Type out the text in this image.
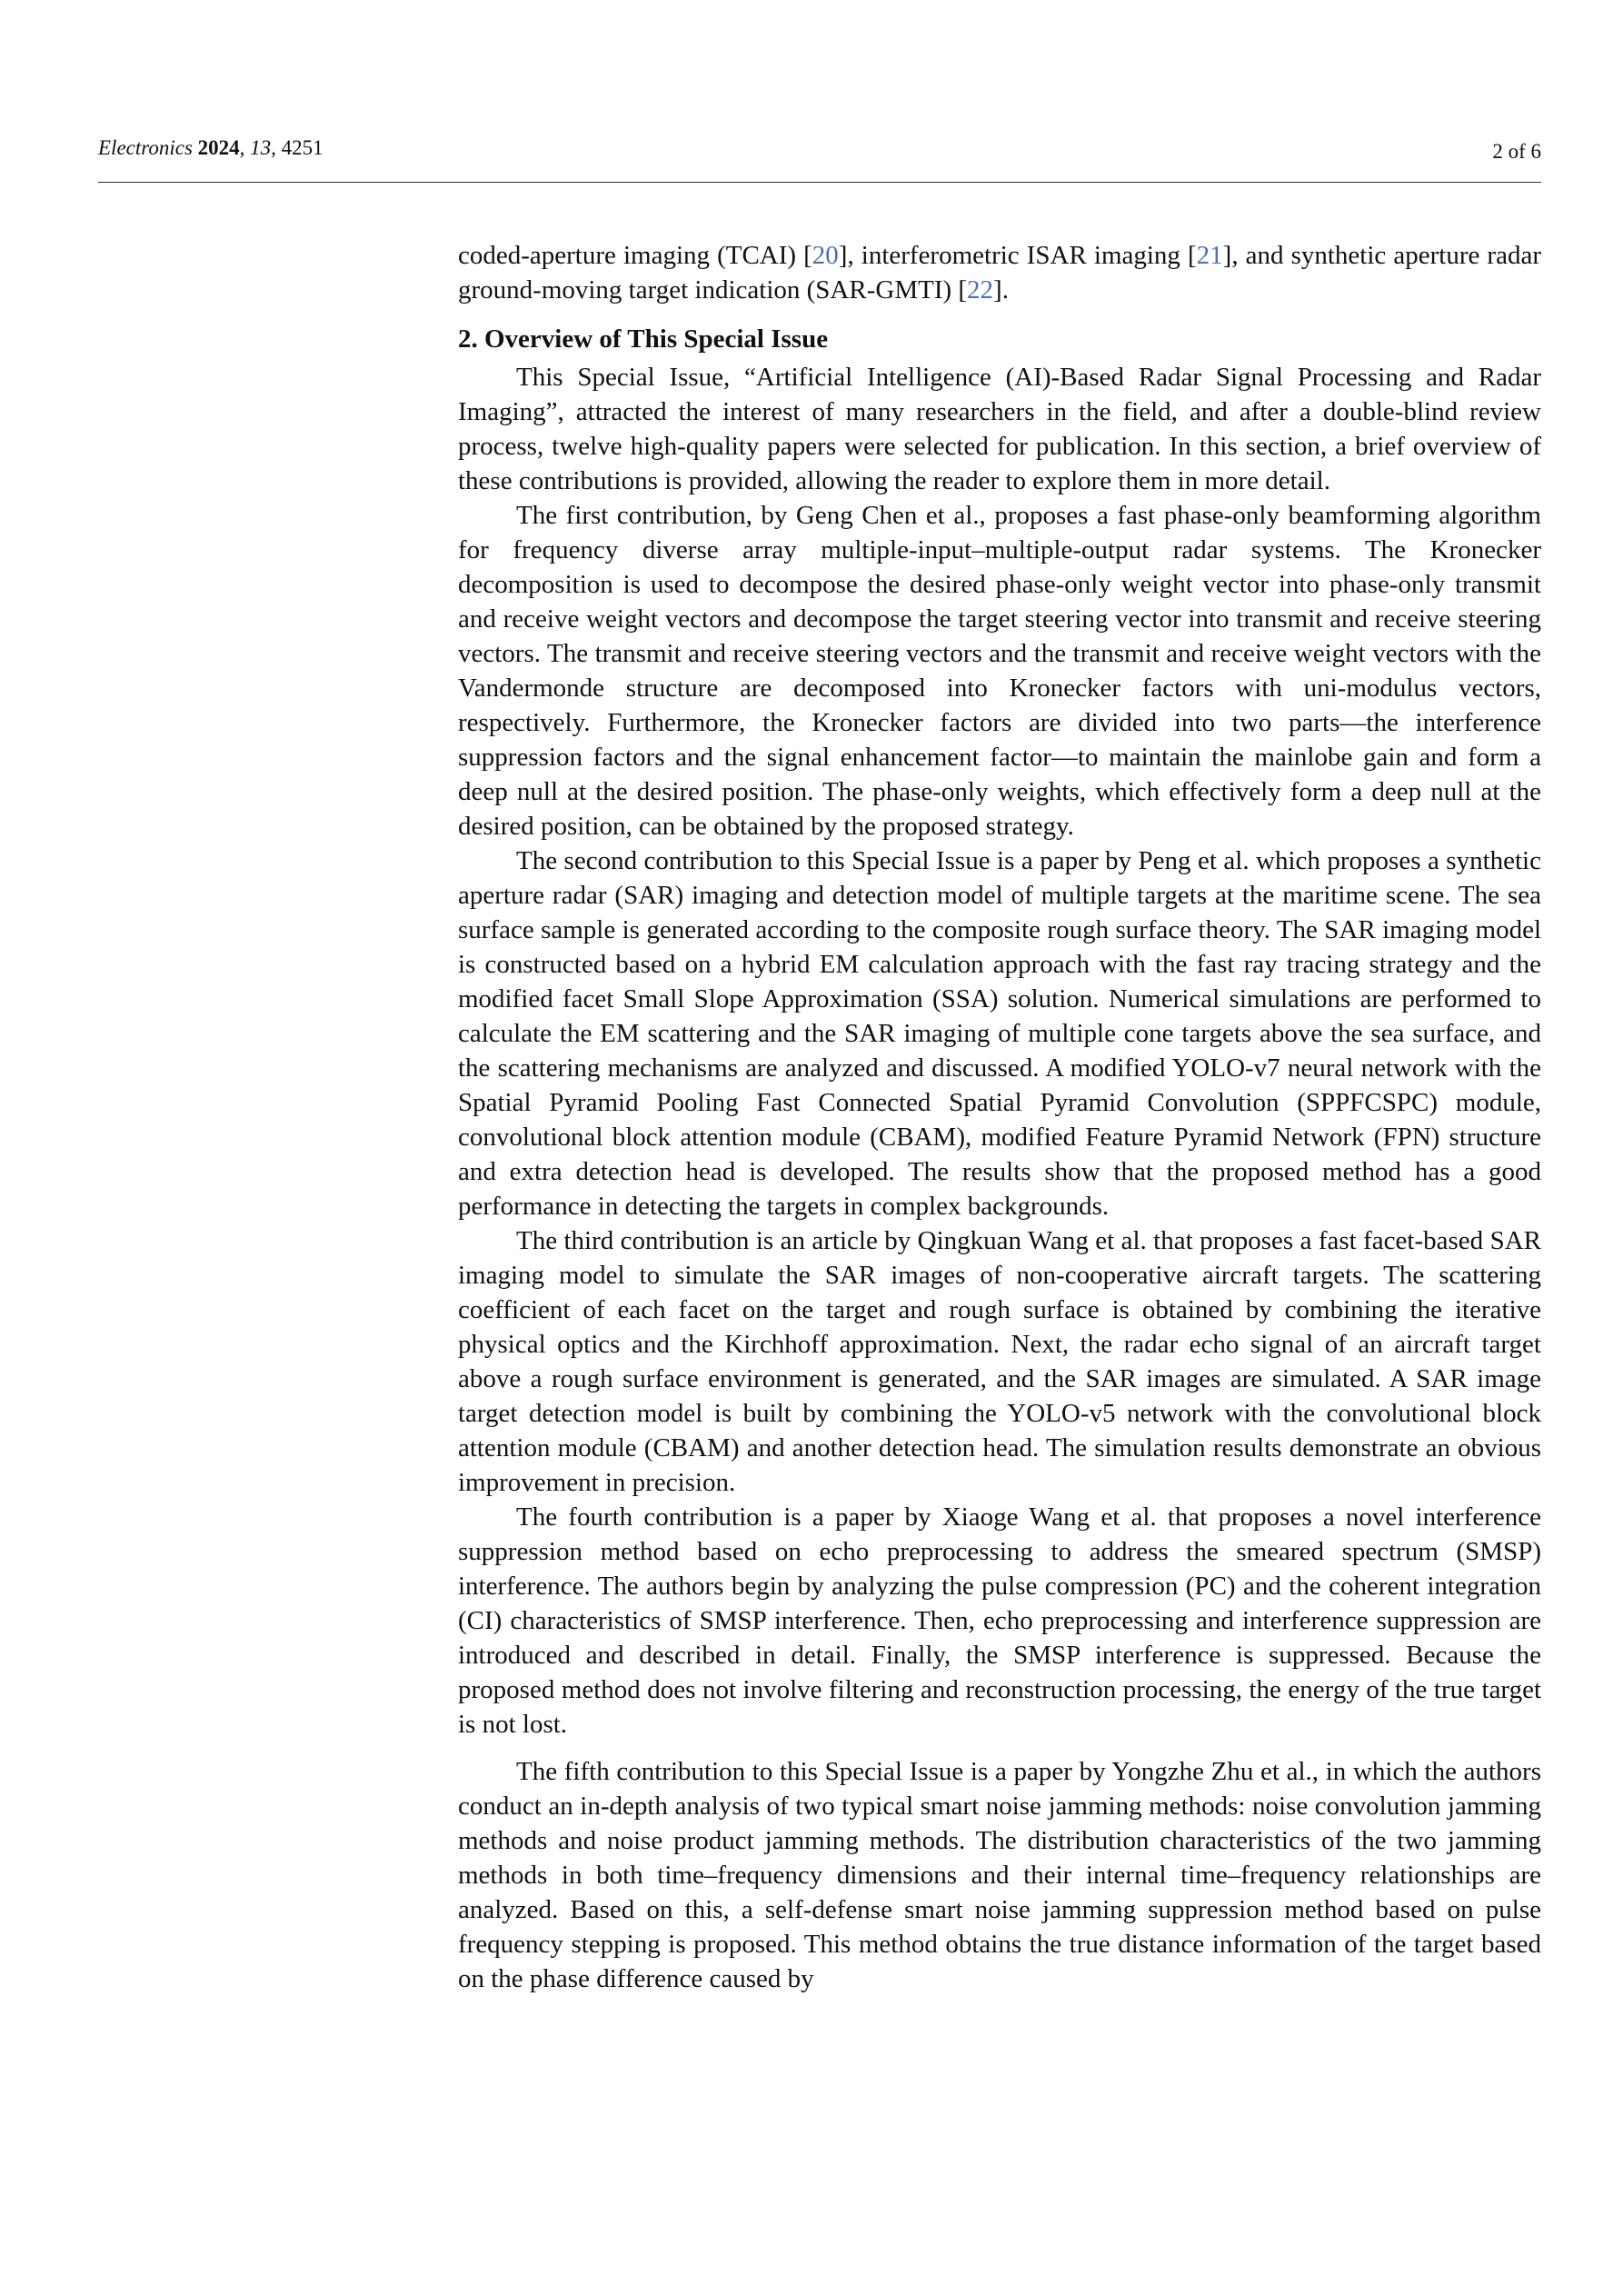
Electronics 2024, 13, 4251	2 of 6

coded-aperture imaging (TCAI) [20], interferometric ISAR imaging [21], and synthetic aperture radar ground-moving target indication (SAR-GMTI) [22].

2. Overview of This Special Issue

This Special Issue, “Artificial Intelligence (AI)-Based Radar Signal Processing and Radar Imaging”, attracted the interest of many researchers in the field, and after a double-blind review process, twelve high-quality papers were selected for publication. In this section, a brief overview of these contributions is provided, allowing the reader to explore them in more detail.

The first contribution, by Geng Chen et al., proposes a fast phase-only beamforming algorithm for frequency diverse array multiple-input–multiple-output radar systems. The Kronecker decomposition is used to decompose the desired phase-only weight vector into phase-only transmit and receive weight vectors and decompose the target steering vector into transmit and receive steering vectors. The transmit and receive steering vectors and the transmit and receive weight vectors with the Vandermonde structure are decomposed into Kronecker factors with uni-modulus vectors, respectively. Furthermore, the Kronecker factors are divided into two parts—the interference suppression factors and the signal enhancement factor—to maintain the mainlobe gain and form a deep null at the desired position. The phase-only weights, which effectively form a deep null at the desired position, can be obtained by the proposed strategy.

The second contribution to this Special Issue is a paper by Peng et al. which proposes a synthetic aperture radar (SAR) imaging and detection model of multiple targets at the maritime scene. The sea surface sample is generated according to the composite rough surface theory. The SAR imaging model is constructed based on a hybrid EM calculation approach with the fast ray tracing strategy and the modified facet Small Slope Approximation (SSA) solution. Numerical simulations are performed to calculate the EM scattering and the SAR imaging of multiple cone targets above the sea surface, and the scattering mechanisms are analyzed and discussed. A modified YOLO-v7 neural network with the Spatial Pyramid Pooling Fast Connected Spatial Pyramid Convolution (SPPFCSPC) module, convolutional block attention module (CBAM), modified Feature Pyramid Network (FPN) structure and extra detection head is developed. The results show that the proposed method has a good performance in detecting the targets in complex backgrounds.

The third contribution is an article by Qingkuan Wang et al. that proposes a fast facet-based SAR imaging model to simulate the SAR images of non-cooperative aircraft targets. The scattering coefficient of each facet on the target and rough surface is obtained by combining the iterative physical optics and the Kirchhoff approximation. Next, the radar echo signal of an aircraft target above a rough surface environment is generated, and the SAR images are simulated. A SAR image target detection model is built by combining the YOLO-v5 network with the convolutional block attention module (CBAM) and another detection head. The simulation results demonstrate an obvious improvement in precision.

The fourth contribution is a paper by Xiaoge Wang et al. that proposes a novel interference suppression method based on echo preprocessing to address the smeared spectrum (SMSP) interference. The authors begin by analyzing the pulse compression (PC) and the coherent integration (CI) characteristics of SMSP interference. Then, echo preprocessing and interference suppression are introduced and described in detail. Finally, the SMSP interference is suppressed. Because the proposed method does not involve filtering and reconstruction processing, the energy of the true target is not lost.

The fifth contribution to this Special Issue is a paper by Yongzhe Zhu et al., in which the authors conduct an in-depth analysis of two typical smart noise jamming methods: noise convolution jamming methods and noise product jamming methods. The distribution characteristics of the two jamming methods in both time–frequency dimensions and their internal time–frequency relationships are analyzed. Based on this, a self-defense smart noise jamming suppression method based on pulse frequency stepping is proposed. This method obtains the true distance information of the target based on the phase difference caused by
